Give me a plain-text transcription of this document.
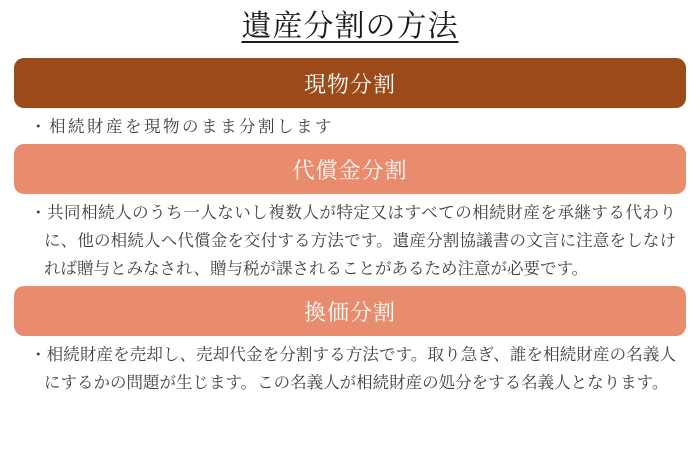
遺産分割の方法
現物分割

・相続財産を現物のまま分割します

代償金分割

・共同相続人のうち一人ないし複数人が特定又はすべての相続財産を承継する代わりに、他の相続人へ代償金を交付する方法です。遺産分割協議書の文言に注意をしなければ贈与とみなされ、贈与税が課されることがあるため注意が必要です。

換価分割

・相続財産を売却し、売却代金を分割する方法です。取り急ぎ、誰を相続財産の名義人にするかの問題が生じます。この名義人が相続財産の処分をする名義人となります。
